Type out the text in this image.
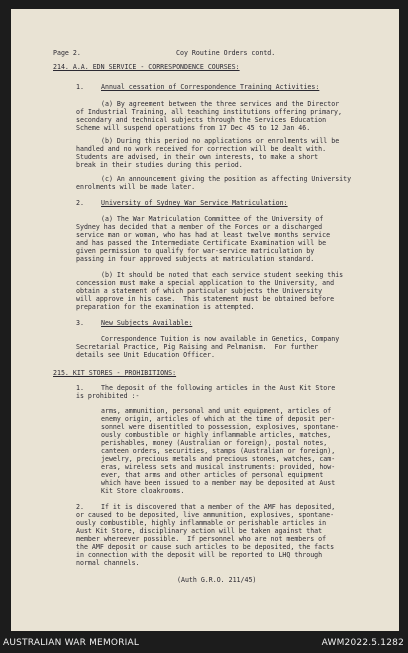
Page 2.	Coy Routine Orders contd.
214. A.A. EDN SERVICE - CORRESPONDENCE COURSES:
1.	Annual cessation of Correspondence Training Activities:
(a) By agreement between the three services and the Director
of Industrial Training, all teaching institutions offering primary,
secondary and technical subjects through the Services Education
Scheme will suspend operations from 17 Dec 45 to 12 Jan 46.
(b) During this period no applications or enrolments will be
handled and no work received for correction will be dealt with.
Students are advised, in their own interests, to make a short
break in their studies during this period.
(c) An announcement giving the position as affecting University
enrolments will be made later.
2.	University of Sydney War Service Matriculation:
(a) The War Matriculation Committee of the University of
Sydney has decided that a member of the Forces or a discharged
service man or woman, who has had at least twelve months service
and has passed the Intermediate Certificate Examination will be
given permission to qualify for war-service matriculation by
passing in four approved subjects at matriculation standard.
(b) It should be noted that each service student seeking this
concession must make a special application to the University, and
obtain a statement of which particular subjects the University
will approve in his case.  This statement must be obtained before
preparation for the examination is attempted.
3.	New Subjects Available:
Correspondence Tuition is now available in Genetics, Company
Secretarial Practice, Pig Raising and Pelmanism.  For further
details see Unit Education Officer.
215. KIT STORES - PROHIBITIONS:
1.	The deposit of the following articles in the Aust Kit Store
is prohibited :-
arms, ammunition, personal and unit equipment, articles of
enemy origin, articles of which at the time of deposit per-
sonnel were disentitled to possession, explosives, spontane-
ously combustible or highly inflammable articles, matches,
perishables, money (Australian or foreign), postal notes,
canteen orders, securities, stamps (Australian or foreign),
jewelry, precious metals and precious stones, watches, cam-
eras, wireless sets and musical instruments: provided, how-
ever, that arms and other articles of personal equipment
which have been issued to a member may be deposited at Aust
Kit Store cloakrooms.
2.	If it is discovered that a member of the AMF has deposited,
or caused to be deposited, live ammunition, explosives, spontane-
ously combustible, highly inflammable or perishable articles in
Aust Kit Store, disciplinary action will be taken against that
member whereever possible.  If personnel who are not members of
the AMF deposit or cause such articles to be deposited, the facts
in connection with the deposit will be reported to LHQ through
normal channels.
(Auth G.R.O. 211/45)
AUSTRALIAN WAR MEMORIAL	AWM2022.5.1282
